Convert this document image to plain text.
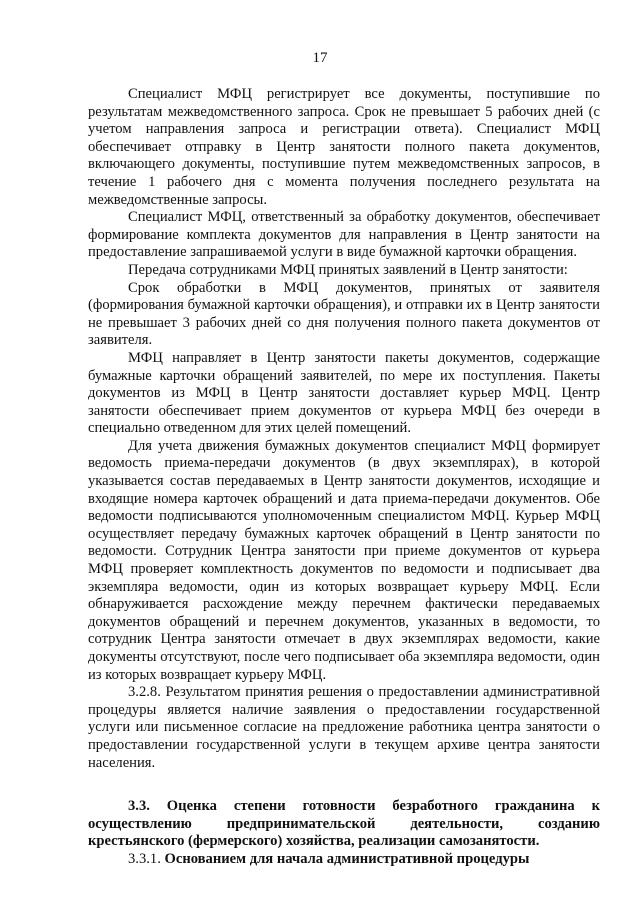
17

Специалист МФЦ регистрирует все документы, поступившие по результатам межведомственного запроса. Срок не превышает 5 рабочих дней (с учетом направления запроса и регистрации ответа). Специалист МФЦ обеспечивает отправку в Центр занятости полного пакета документов, включающего документы, поступившие путем межведомственных запросов, в течение 1 рабочего дня с момента получения последнего результата на межведомственные запросы.

Специалист МФЦ, ответственный за обработку документов, обеспечивает формирование комплекта документов для направления в Центр занятости на предоставление запрашиваемой услуги в виде бумажной карточки обращения.

Передача сотрудниками МФЦ принятых заявлений в Центр занятости:

Срок обработки в МФЦ документов, принятых от заявителя (формирования бумажной карточки обращения), и отправки их в Центр занятости не превышает 3 рабочих дней со дня получения полного пакета документов от заявителя.

МФЦ направляет в Центр занятости пакеты документов, содержащие бумажные карточки обращений заявителей, по мере их поступления. Пакеты документов из МФЦ в Центр занятости доставляет курьер МФЦ. Центр занятости обеспечивает прием документов от курьера МФЦ без очереди в специально отведенном для этих целей помещений.

Для учета движения бумажных документов специалист МФЦ формирует ведомость приема-передачи документов (в двух экземплярах), в которой указывается состав передаваемых в Центр занятости документов, исходящие и входящие номера карточек обращений и дата приема-передачи документов. Обе ведомости подписываются уполномоченным специалистом МФЦ. Курьер МФЦ осуществляет передачу бумажных карточек обращений в Центр занятости по ведомости. Сотрудник Центра занятости при приеме документов от курьера МФЦ проверяет комплектность документов по ведомости и подписывает два экземпляра ведомости, один из которых возвращает курьеру МФЦ. Если обнаруживается расхождение между перечнем фактически передаваемых документов обращений и перечнем документов, указанных в ведомости, то сотрудник Центра занятости отмечает в двух экземплярах ведомости, какие документы отсутствуют, после чего подписывает оба экземпляра ведомости, один из которых возвращает курьеру МФЦ.

3.2.8. Результатом принятия решения о предоставлении административной процедуры является наличие заявления о предоставлении государственной услуги или письменное согласие на предложение работника центра занятости о предоставлении государственной услуги в текущем архиве центра занятости населения.

3.3. Оценка степени готовности безработного гражданина к осуществлению предпринимательской деятельности, созданию крестьянского (фермерского) хозяйства, реализации самозанятости.

3.3.1. Основанием для начала административной процедуры
